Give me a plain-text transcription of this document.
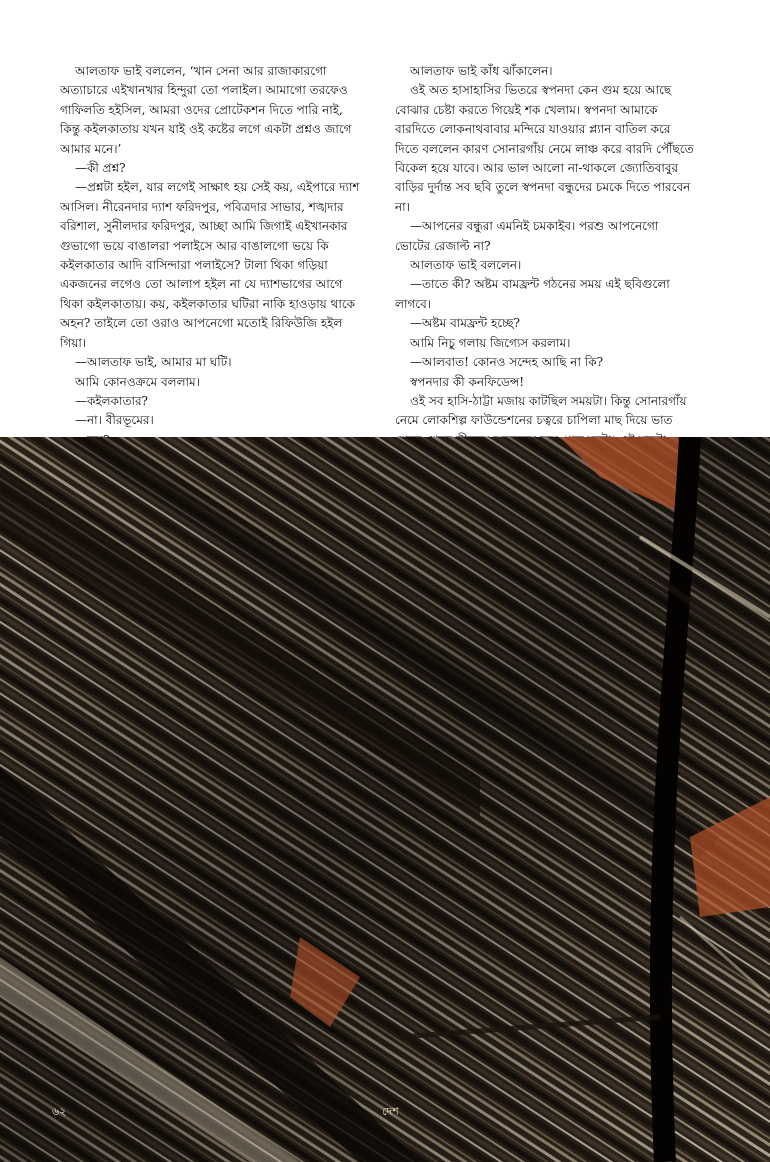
আলতাফ ভাই বললেন, ‘খান সেনা আর রাজাকারগো অত্যাচারে এইখানখার হিন্দুরা তো পলাইল। আমাগো তরফেও গাফিলতি হইসিল, আমরা ওদের প্রোটেকশন দিতে পারি নাই, কিন্তু কইলকাতায় যখন যাই ওই কষ্টের লগে একটা প্রশ্নও জাগে আমার মনে।’

—কী প্রশ্ন?

—প্রশ্নটা হইল, যার লগেই সাক্ষাৎ হয় সেই কয়, এইপারে দ্যাশ আসিল। নীরেনদার দ্যাশ ফরিদপুর, পবিত্রদার সাভার, শঙ্খদার বরিশাল, সুনীলদার ফরিদপুর, আচ্ছা আমি জিগাই এইখানকার গুভাগো ভয়ে বাঙালরা পলাইসে আর বাঙালগো ভয়ে কি কইলকাতার আদি বাসিন্দারা পলাইসে? টালা থিকা গড়িয়া একজনের লগেও তো আলাপ হইল না যে দ্যাশভাগের আগে থিকা কইলকাতায়। কয়, কইলকাতার ঘটিরা নাকি হাওড়ায় থাকে অহন? তাইলে তো ওরাও আপনেগো মতোই রিফিউজি হইল গিয়া।

—আলতাফ ভাই, আমার মা ঘটি।

আমি কোনওক্রমে বললাম।

—কইলকাতার?

—না। বীরভূমের।

আলতাফ ভাই কাঁধ ঝাঁকালেন।

ওই অত হাসাহাসির ভিতরে স্বপনদা কেন গুম হয়ে আছে বোঝার চেষ্টা করতে গিয়েই শক খেলাম। স্বপনদা আমাকে বারদিতে লোকনাথবাবার মন্দিরে যাওয়ার প্ল্যান বাতিল করে দিতে বললেন কারণ সোনারগাঁয় নেমে লাঞ্চ করে বারদি পৌঁছতে বিকেল হয়ে যাবে। আর ভাল আলো না-থাকলে জ্যোতিবাবুর বাড়ির দুর্দান্ত সব ছবি তুলে স্বপনদা বন্ধুদের চমকে দিতে পারবেন না।

—আপনের বন্ধুরা এমনিই চমকাইব। পরশু আপনেগো ভোটের রেজাল্ট না?

আলতাফ ভাই বললেন।

—তাতে কী? অষ্টম বামফ্রন্ট গঠনের সময় এই ছবিগুলো লাগবে।

—অষ্টম বামফ্রন্ট হচ্ছে?

আমি নিচু গলায় জিগ্যেস করলাম।

—আলবাত! কোনও সন্দেহ আছি না কি?

স্বপনদার কী কনফিডেন্স!

ওই সব হাসি-ঠাট্টা মজায় কাটছিল সময়টা। কিন্তু সোনারগাঁয় নেমে লোকশিল্প ফাউন্ডেশনের চত্বরে চাপিলা মাছ দিয়ে ভাত

৬২	দেশ
